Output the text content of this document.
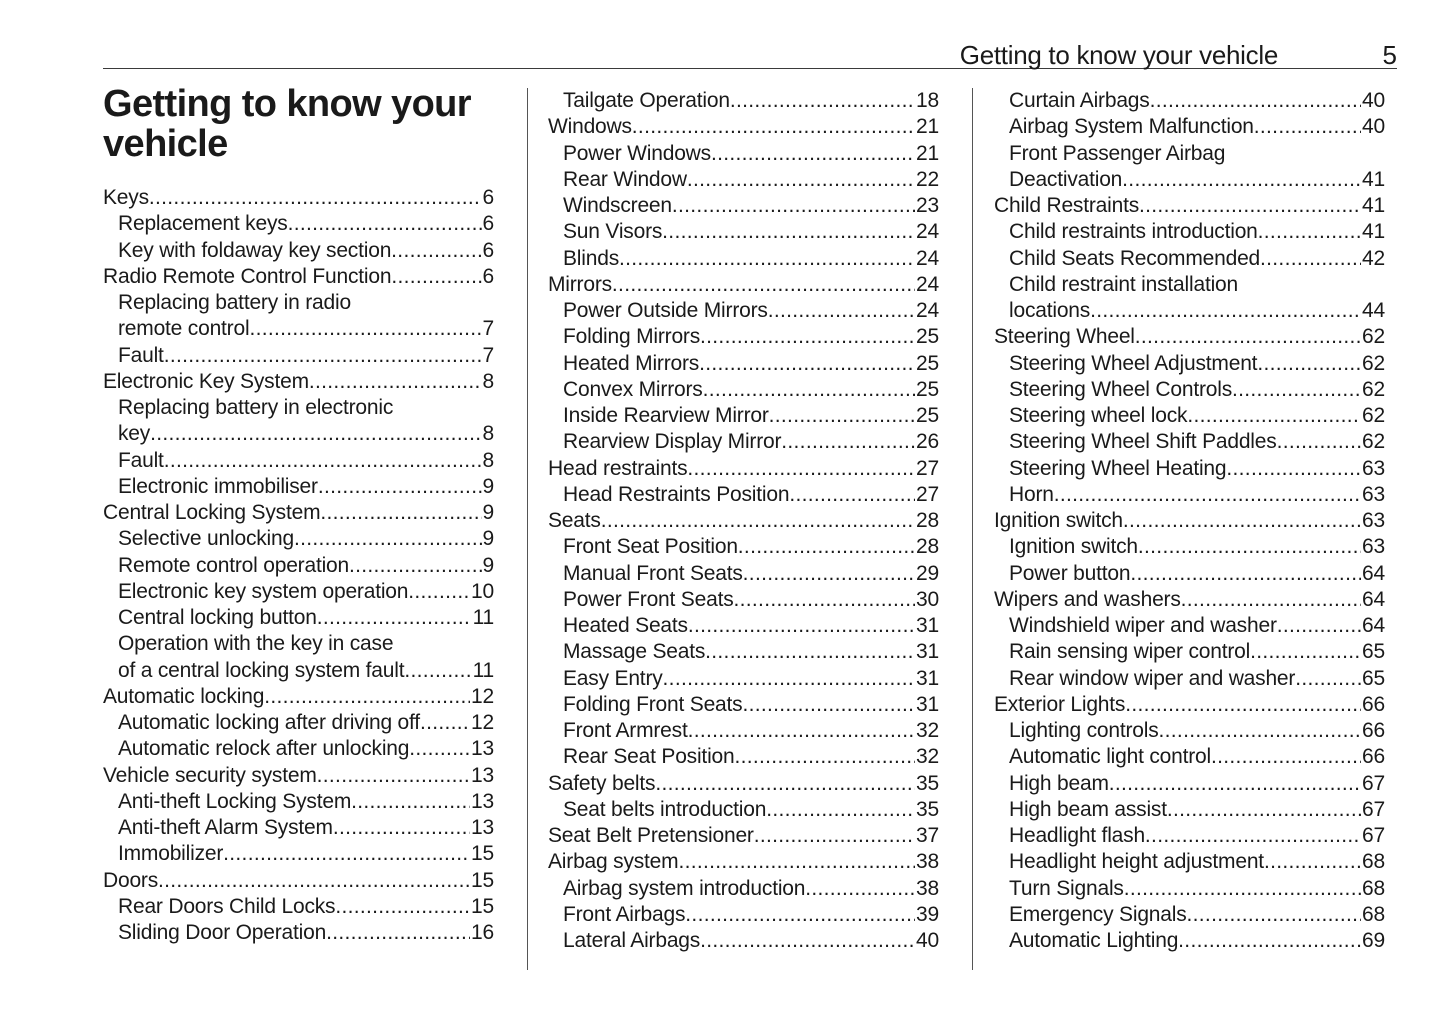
Getting to know your vehicle	5
Getting to know your vehicle
Keys .....	6
Replacement keys .....	6
Key with foldaway key section .....	6
Radio Remote Control Function .....	6
Replacing battery in radio
remote control .....	7
Fault .....	7
Electronic Key System .....	8
Replacing battery in electronic
key .....	8
Fault .....	8
Electronic immobiliser .....	9
Central Locking System .....	9
Selective unlocking .....	9
Remote control operation .....	9
Electronic key system operation .....	10
Central locking button .....	11
Operation with the key in case
of a central locking system fault .....	11
Automatic locking .....	12
Automatic locking after driving off ..... 12
Automatic relock after unlocking .....	13
Vehicle security system .....	13
Anti-theft Locking System .....	13
Anti-theft Alarm System .....	13
Immobilizer .....	15
Doors .....	15
Rear Doors Child Locks .....	15
Sliding Door Operation .....	16
Tailgate Operation .....	18
Windows .....	21
Power Windows .....	21
Rear Window .....	22
Windscreen .....	23
Sun Visors .....	24
Blinds .....	24
Mirrors .....	24
Power Outside Mirrors .....	24
Folding Mirrors .....	25
Heated Mirrors .....	25
Convex Mirrors .....	25
Inside Rearview Mirror .....	25
Rearview Display Mirror .....	26
Head restraints .....	27
Head Restraints Position .....	27
Seats .....	28
Front Seat Position .....	28
Manual Front Seats .....	29
Power Front Seats .....	30
Heated Seats .....	31
Massage Seats .....	31
Easy Entry .....	31
Folding Front Seats .....	31
Front Armrest .....	32
Rear Seat Position .....	32
Safety belts .....	35
Seat belts introduction .....	35
Seat Belt Pretensioner .....	37
Airbag system .....	38
Airbag system introduction .....	38
Front Airbags .....	39
Lateral Airbags .....	40
Curtain Airbags .....	40
Airbag System Malfunction .....	40
Front Passenger Airbag
Deactivation .....	41
Child Restraints .....	41
Child restraints introduction .....	41
Child Seats Recommended .....	42
Child restraint installation
locations .....	44
Steering Wheel .....	62
Steering Wheel Adjustment .....	62
Steering Wheel Controls .....	62
Steering wheel lock .....	62
Steering Wheel Shift Paddles .....	62
Steering Wheel Heating .....	63
Horn .....	63
Ignition switch .....	63
Ignition switch .....	63
Power button .....	64
Wipers and washers .....	64
Windshield wiper and washer .....	64
Rain sensing wiper control .....	65
Rear window wiper and washer .....	65
Exterior Lights .....	66
Lighting controls .....	66
Automatic light control .....	66
High beam .....	67
High beam assist .....	67
Headlight flash .....	67
Headlight height adjustment .....	68
Turn Signals .....	68
Emergency Signals .....	68
Automatic Lighting .....	69
